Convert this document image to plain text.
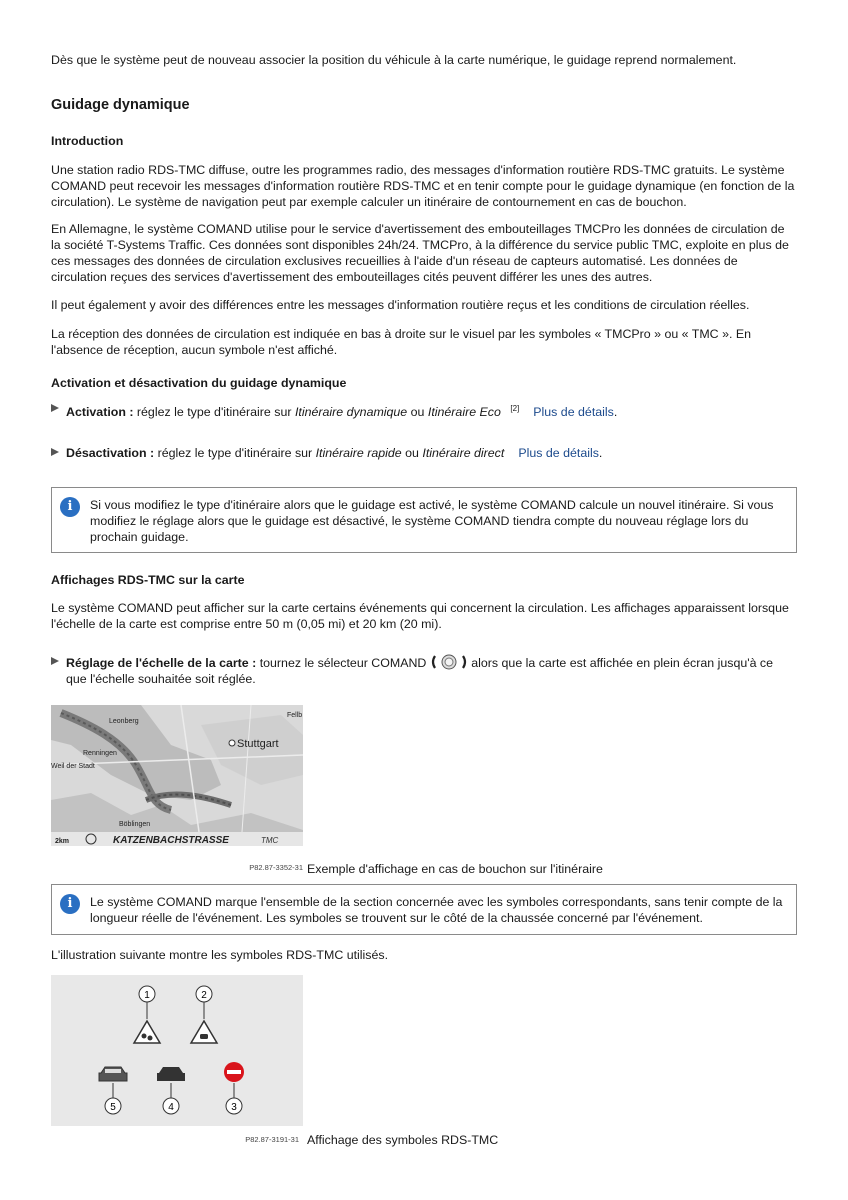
Dès que le système peut de nouveau associer la position du véhicule à la carte numérique, le guidage reprend normalement.

Guidage dynamique

Introduction

Une station radio RDS-TMC diffuse, outre les programmes radio, des messages d'information routière RDS-TMC gratuits. Le système COMAND peut recevoir les messages d'information routière RDS-TMC et en tenir compte pour le guidage dynamique (en fonction de la circulation). Le système de navigation peut par exemple calculer un itinéraire de contournement en cas de bouchon.

En Allemagne, le système COMAND utilise pour le service d'avertissement des embouteillages TMCPro les données de circulation de la société T-Systems Traffic. Ces données sont disponibles 24h/24. TMCPro, à la différence du service public TMC, exploite en plus de ces messages des données de circulation exclusives recueillies à l'aide d'un réseau de capteurs automatisé. Les données de circulation reçues des services d'avertissement des embouteillages cités peuvent différer les unes des autres.

Il peut également y avoir des différences entre les messages d'information routière reçus et les conditions de circulation réelles.

La réception des données de circulation est indiquée en bas à droite sur le visuel par les symboles « TMCPro » ou « TMC ». En l'absence de réception, aucun symbole n'est affiché.

Activation et désactivation du guidage dynamique

Activation : réglez le type d'itinéraire sur Itinéraire dynamique ou Itinéraire Eco [2] Plus de détails.
Désactivation : réglez le type d'itinéraire sur Itinéraire rapide ou Itinéraire direct Plus de détails.
i	Si vous modifiez le type d'itinéraire alors que le guidage est activé, le système COMAND calcule un nouvel itinéraire. Si vous modifiez le réglage alors que le guidage est désactivé, le système COMAND tiendra compte du nouveau réglage lors du prochain guidage.

Affichages RDS-TMC sur la carte

Le système COMAND peut afficher sur la carte certains événements qui concernent la circulation. Les affichages apparaissent lorsque l'échelle de la carte est comprise entre 50 m (0,05 mi) et 20 km (20 mi).

Réglage de l'échelle de la carte : tournez le sélecteur COMAND	alors que la carte est affichée en plein écran jusqu'à ce que l'échelle souhaitée soit réglée.
Stuttgart
Leonberg
Renningen
Weil der Stadt
Böblingen
Fellb
2km	KATZENBACHSTRASSE	TMC
P82.87-3352-31 Exemple d'affichage en cas de bouchon sur l'itinéraire

i	Le système COMAND marque l'ensemble de la section concernée avec les symboles correspondants, sans tenir compte de la longueur réelle de l'événement. Les symboles se trouvent sur le côté de la chaussée concerné par l'événement.

L'illustration suivante montre les symboles RDS-TMC utilisés.

1	2
5	4	3
P82.87-3191-31 Affichage des symboles RDS-TMC
